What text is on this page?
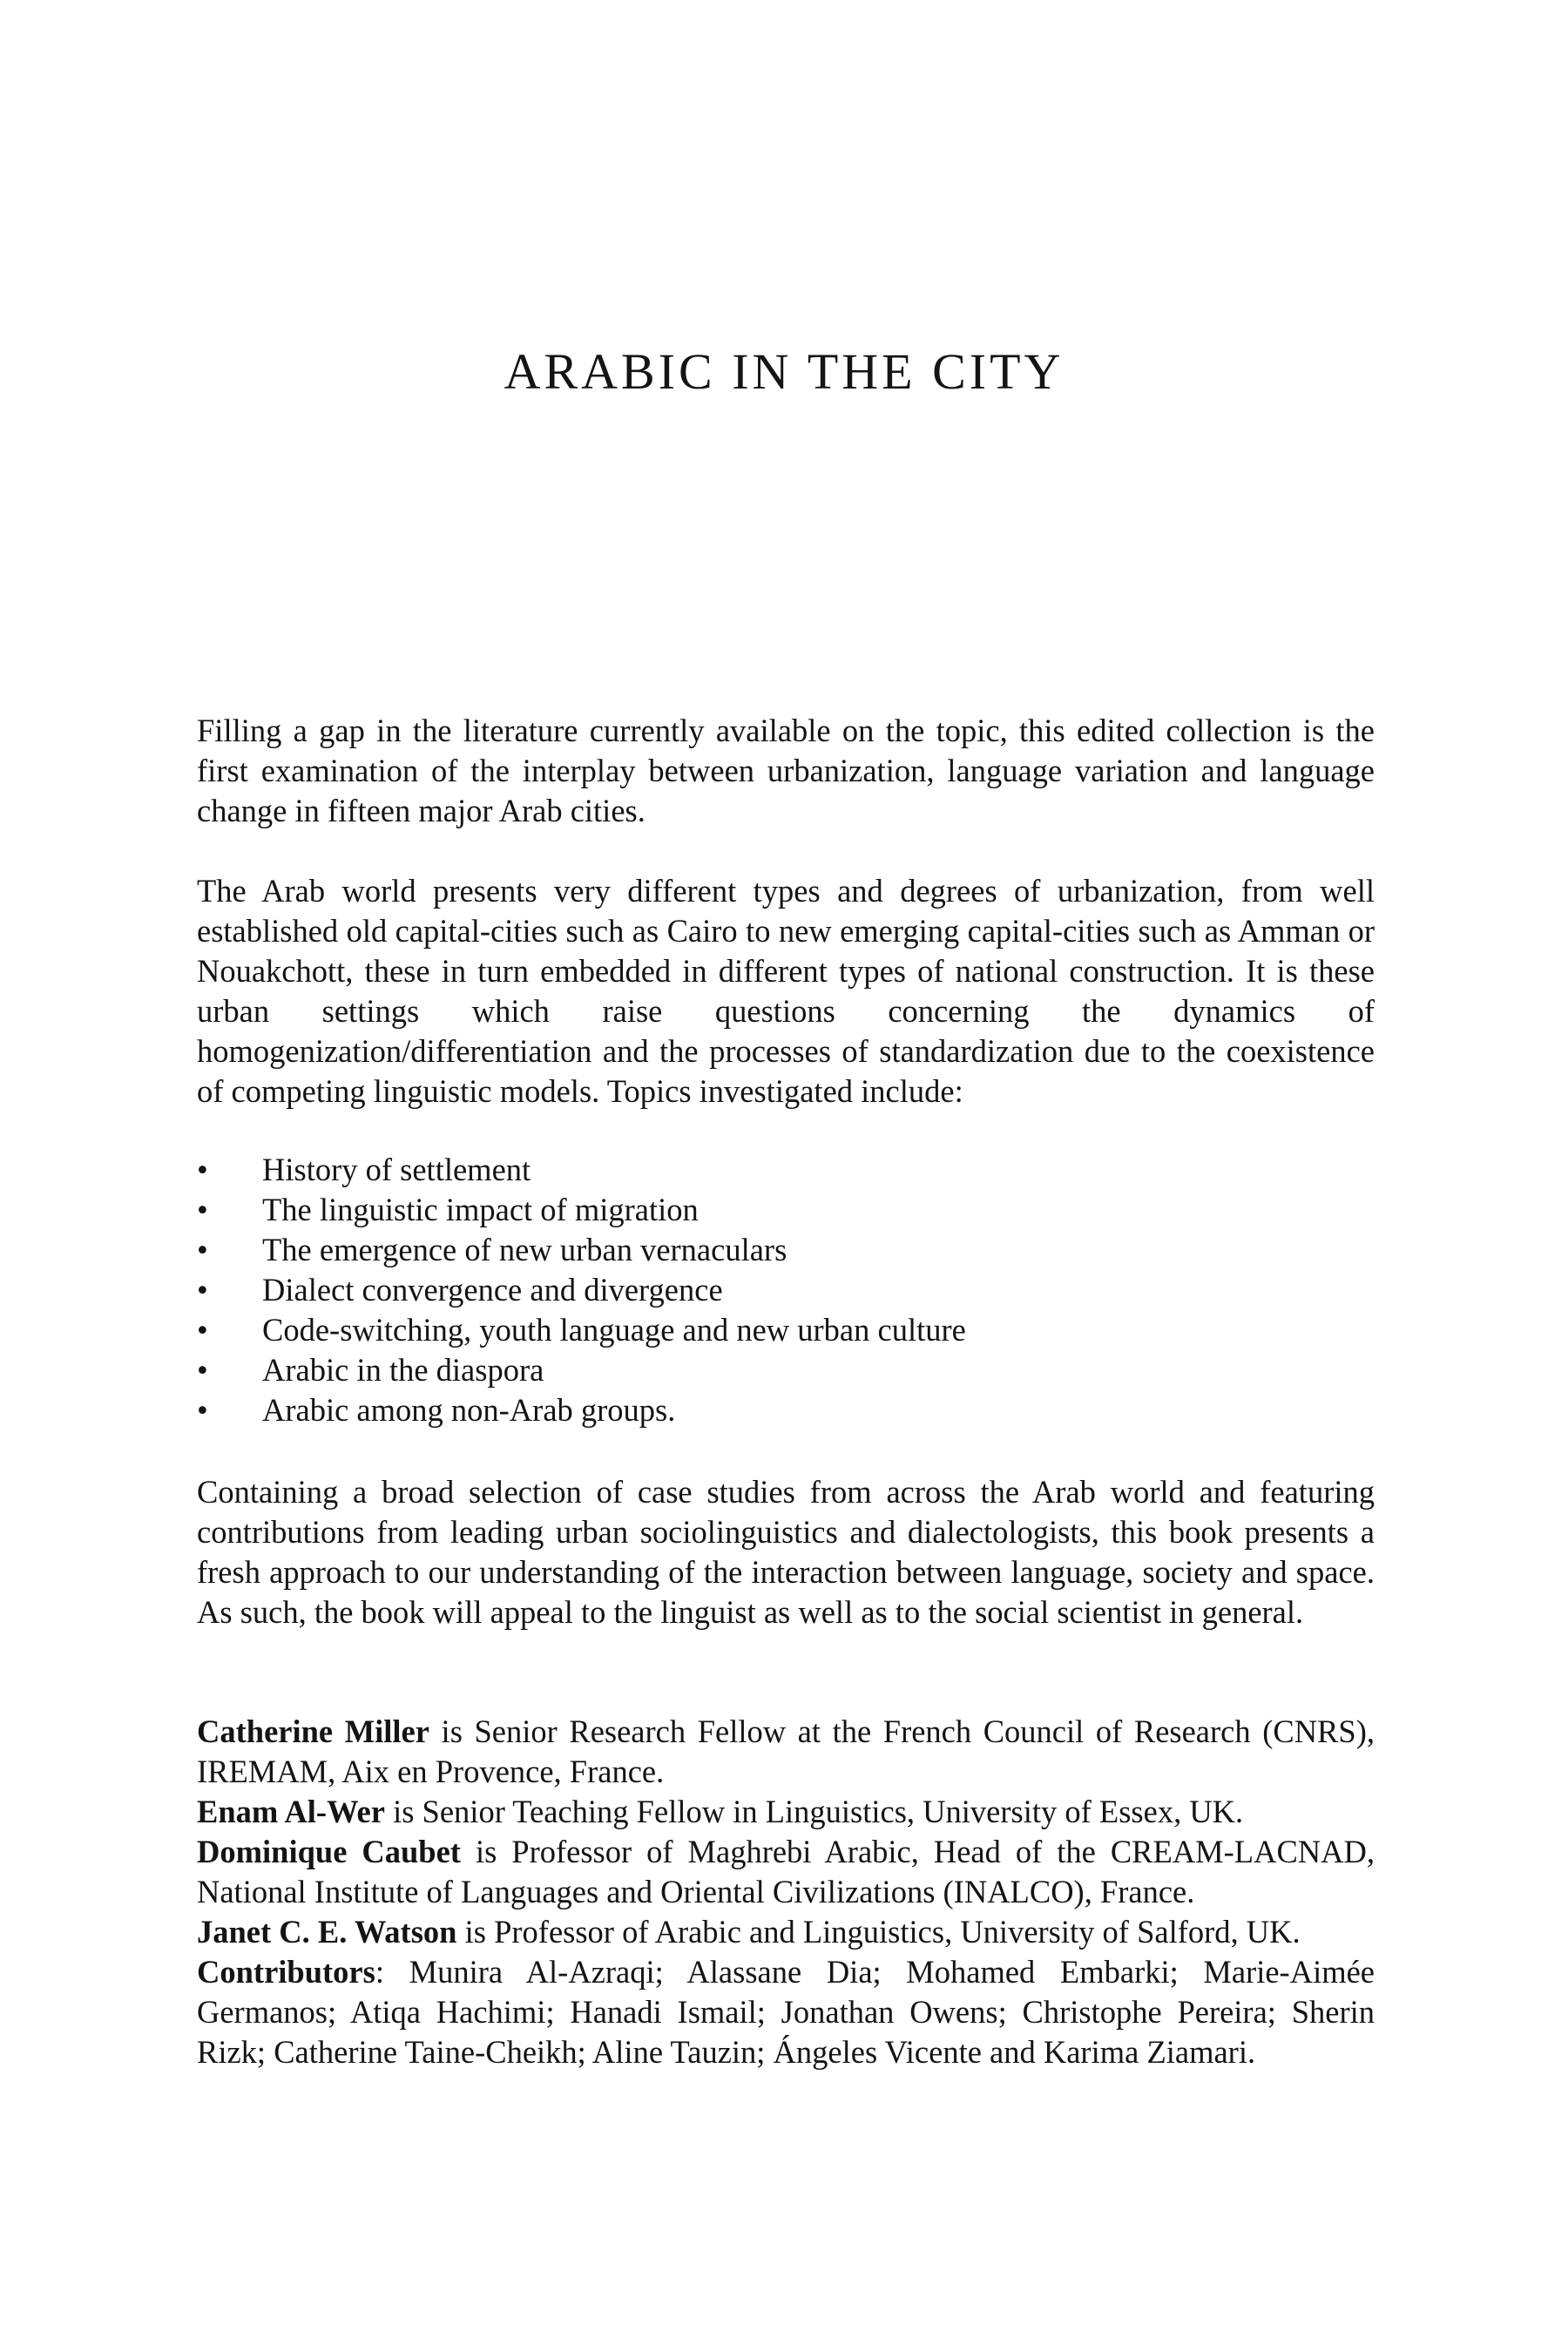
ARABIC IN THE CITY

Filling a gap in the literature currently available on the topic, this edited collection is the first examination of the interplay between urbanization, language variation and language change in fifteen major Arab cities.

The Arab world presents very different types and degrees of urbanization, from well established old capital-cities such as Cairo to new emerging capital-cities such as Amman or Nouakchott, these in turn embedded in different types of national construction. It is these urban settings which raise questions concerning the dynamics of homogenization/differentiation and the processes of standardization due to the coexistence of competing linguistic models. Topics investigated include:

•	History of settlement
•	The linguistic impact of migration
•	The emergence of new urban vernaculars
•	Dialect convergence and divergence
•	Code-switching, youth language and new urban culture
•	Arabic in the diaspora
•	Arabic among non-Arab groups.

Containing a broad selection of case studies from across the Arab world and featuring contributions from leading urban sociolinguistics and dialectologists, this book presents a fresh approach to our understanding of the interaction between language, society and space. As such, the book will appeal to the linguist as well as to the social scientist in general.

Catherine Miller is Senior Research Fellow at the French Council of Research (CNRS), IREMAM, Aix en Provence, France.

Enam Al-Wer is Senior Teaching Fellow in Linguistics, University of Essex, UK.

Dominique Caubet is Professor of Maghrebi Arabic, Head of the CREAM-LACNAD, National Institute of Languages and Oriental Civilizations (INALCO), France.

Janet C. E. Watson is Professor of Arabic and Linguistics, University of Salford, UK.

Contributors: Munira Al-Azraqi; Alassane Dia; Mohamed Embarki; Marie-Aimée Germanos; Atiqa Hachimi; Hanadi Ismail; Jonathan Owens; Christophe Pereira; Sherin Rizk; Catherine Taine-Cheikh; Aline Tauzin; Ángeles Vicente and Karima Ziamari.
